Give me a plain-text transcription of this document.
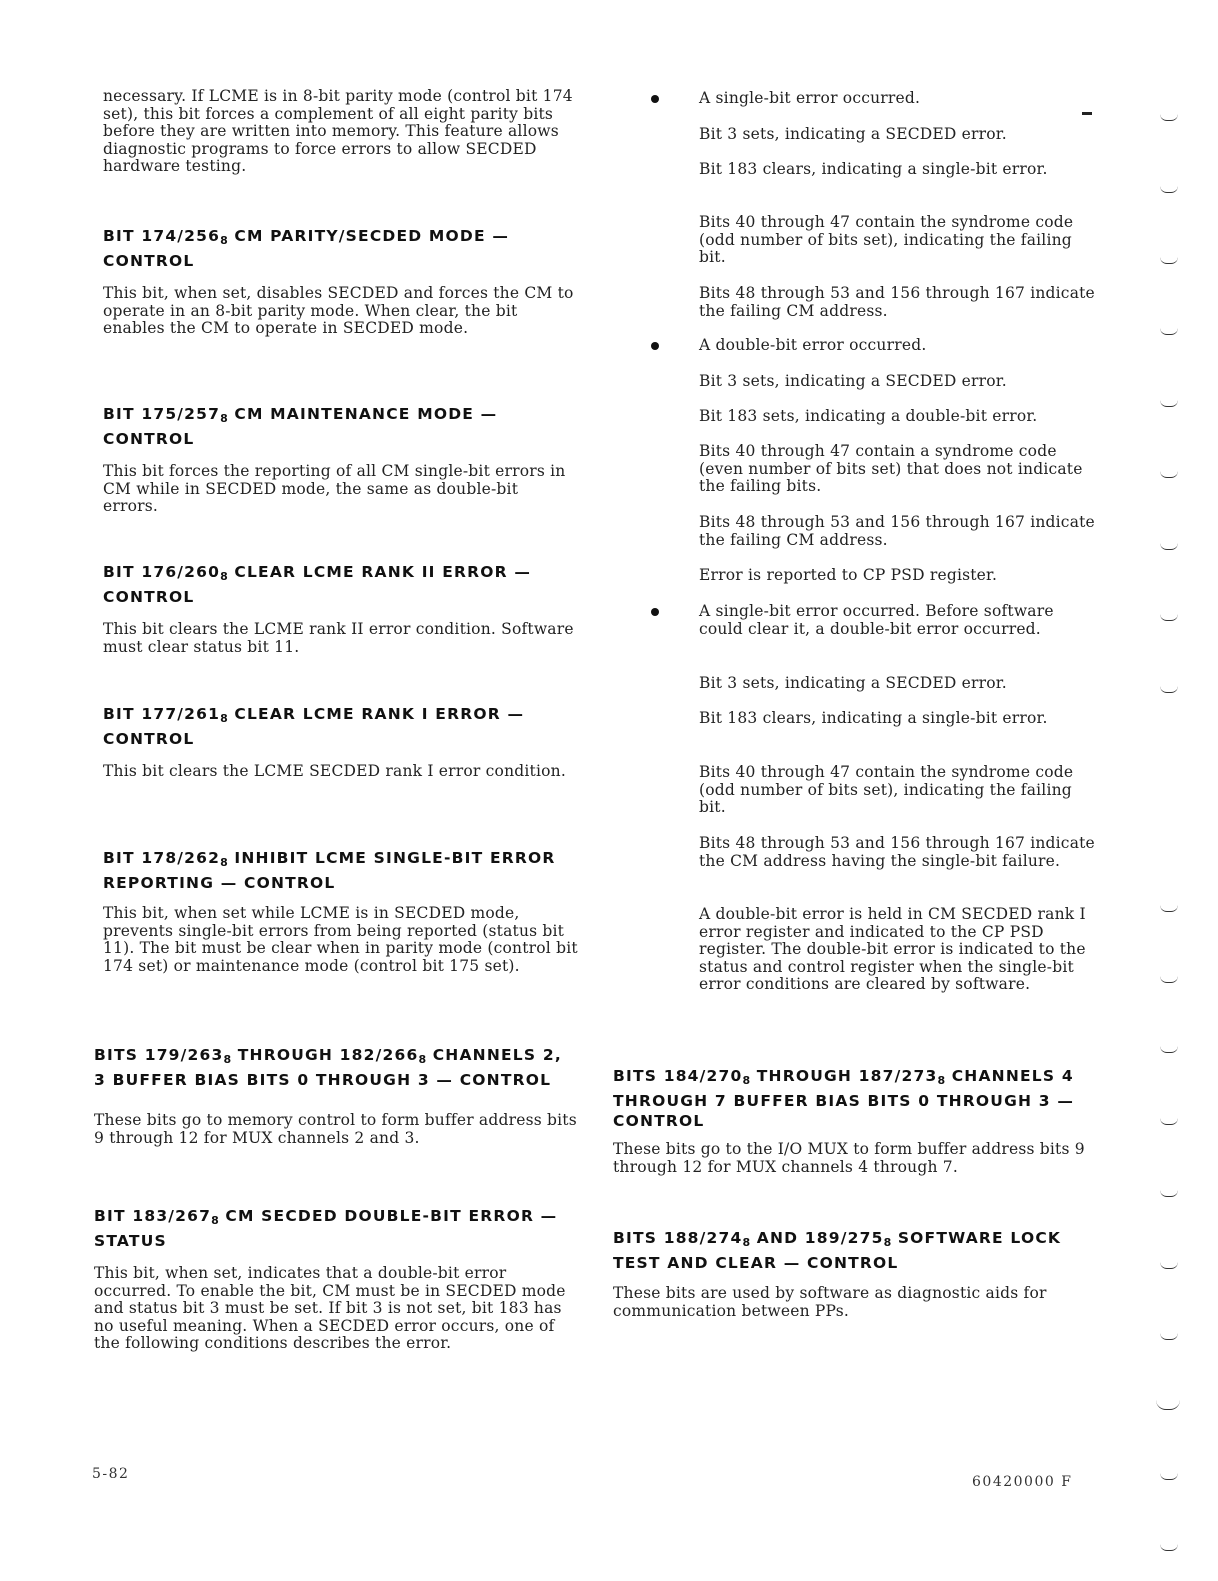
necessary. If LCME is in 8-bit parity mode (control bit 174 set), this bit forces a complement of all eight parity bits before they are written into memory. This feature allows diagnostic programs to force errors to allow SECDED hardware testing.

BIT $174/256_8$ CM PARITY/SECDED MODE — CONTROL

This bit, when set, disables SECDED and forces the CM to operate in an 8-bit parity mode. When clear, the bit enables the CM to operate in SECDED mode.

BIT $175/257_8$ CM MAINTENANCE MODE — CONTROL

This bit forces the reporting of all CM single-bit errors in CM while in SECDED mode, the same as double-bit errors.

BIT $176/260_8$ CLEAR LCME RANK II ERROR — CONTROL

This bit clears the LCME rank II error condition. Software must clear status bit 11.

BIT $177/261_8$ CLEAR LCME RANK I ERROR — CONTROL

This bit clears the LCME SECDED rank I error condition.

BIT $178/262_8$ INHIBIT LCME SINGLE-BIT ERROR REPORTING — CONTROL

This bit, when set while LCME is in SECDED mode, prevents single-bit errors from being reported (status bit 11). The bit must be clear when in parity mode (control bit 174 set) or maintenance mode (control bit 175 set).

BITS $179/263_8$ THROUGH $182/266_8$ CHANNELS 2, 3 BUFFER BIAS BITS 0 THROUGH 3 — CONTROL

These bits go to memory control to form buffer address bits 9 through 12 for MUX channels 2 and 3.

BIT $183/267_8$ CM SECDED DOUBLE-BIT ERROR — STATUS

This bit, when set, indicates that a double-bit error occurred. To enable the bit, CM must be in SECDED mode and status bit 3 must be set. If bit 3 is not set, bit 183 has no useful meaning. When a SECDED error occurs, one of the following conditions describes the error.

A single-bit error occurred.

Bit 3 sets, indicating a SECDED error.

Bit 183 clears, indicating a single-bit error.

Bits 40 through 47 contain the syndrome code (odd number of bits set), indicating the failing bit.

Bits 48 through 53 and 156 through 167 indicate the failing CM address.

A double-bit error occurred.

Bit 3 sets, indicating a SECDED error.

Bit 183 sets, indicating a double-bit error.

Bits 40 through 47 contain a syndrome code (even number of bits set) that does not indicate the failing bits.

Bits 48 through 53 and 156 through 167 indicate the failing CM address.

Error is reported to CP PSD register.

A single-bit error occurred. Before software could clear it, a double-bit error occurred.

Bit 3 sets, indicating a SECDED error.

Bit 183 clears, indicating a single-bit error.

Bits 40 through 47 contain the syndrome code (odd number of bits set), indicating the failing bit.

Bits 48 through 53 and 156 through 167 indicate the CM address having the single-bit failure.

A double-bit error is held in CM SECDED rank I error register and indicated to the CP PSD register. The double-bit error is indicated to the status and control register when the single-bit error conditions are cleared by software.

BITS $184/270_8$ THROUGH $187/273_8$ CHANNELS 4 THROUGH 7 BUFFER BIAS BITS 0 THROUGH 3 — CONTROL

These bits go to the I/O MUX to form buffer address bits 9 through 12 for MUX channels 4 through 7.

BITS $188/274_8$ AND $189/275_8$ SOFTWARE LOCK TEST AND CLEAR — CONTROL

These bits are used by software as diagnostic aids for communication between PPs.

5-82	60420000 F
